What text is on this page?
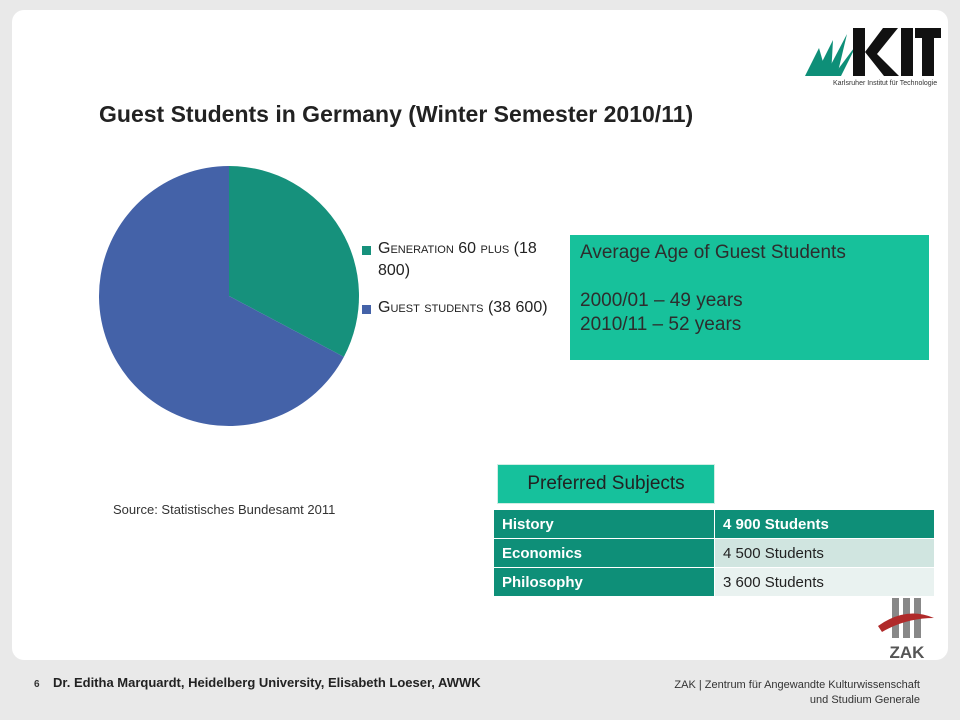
Karlsruher Institut für Technologie
Guest Students in Germany (Winter Semester 2010/11)
Generation 60 plus (18 800)
Guest students (38 600)
Average Age of Guest Students
2000/01 – 49 years
2010/11 – 52 years
Preferred Subjects
Source: Statistisches Bundesamt 2011
History	4 900 Students
Economics	4 500 Students
Philosophy	3 600 Students
ZAK
6 Dr. Editha Marquardt, Heidelberg University, Elisabeth Loeser, AWWK	ZAK | Zentrum für Angewandte Kulturwissenschaft
und Studium Generale
